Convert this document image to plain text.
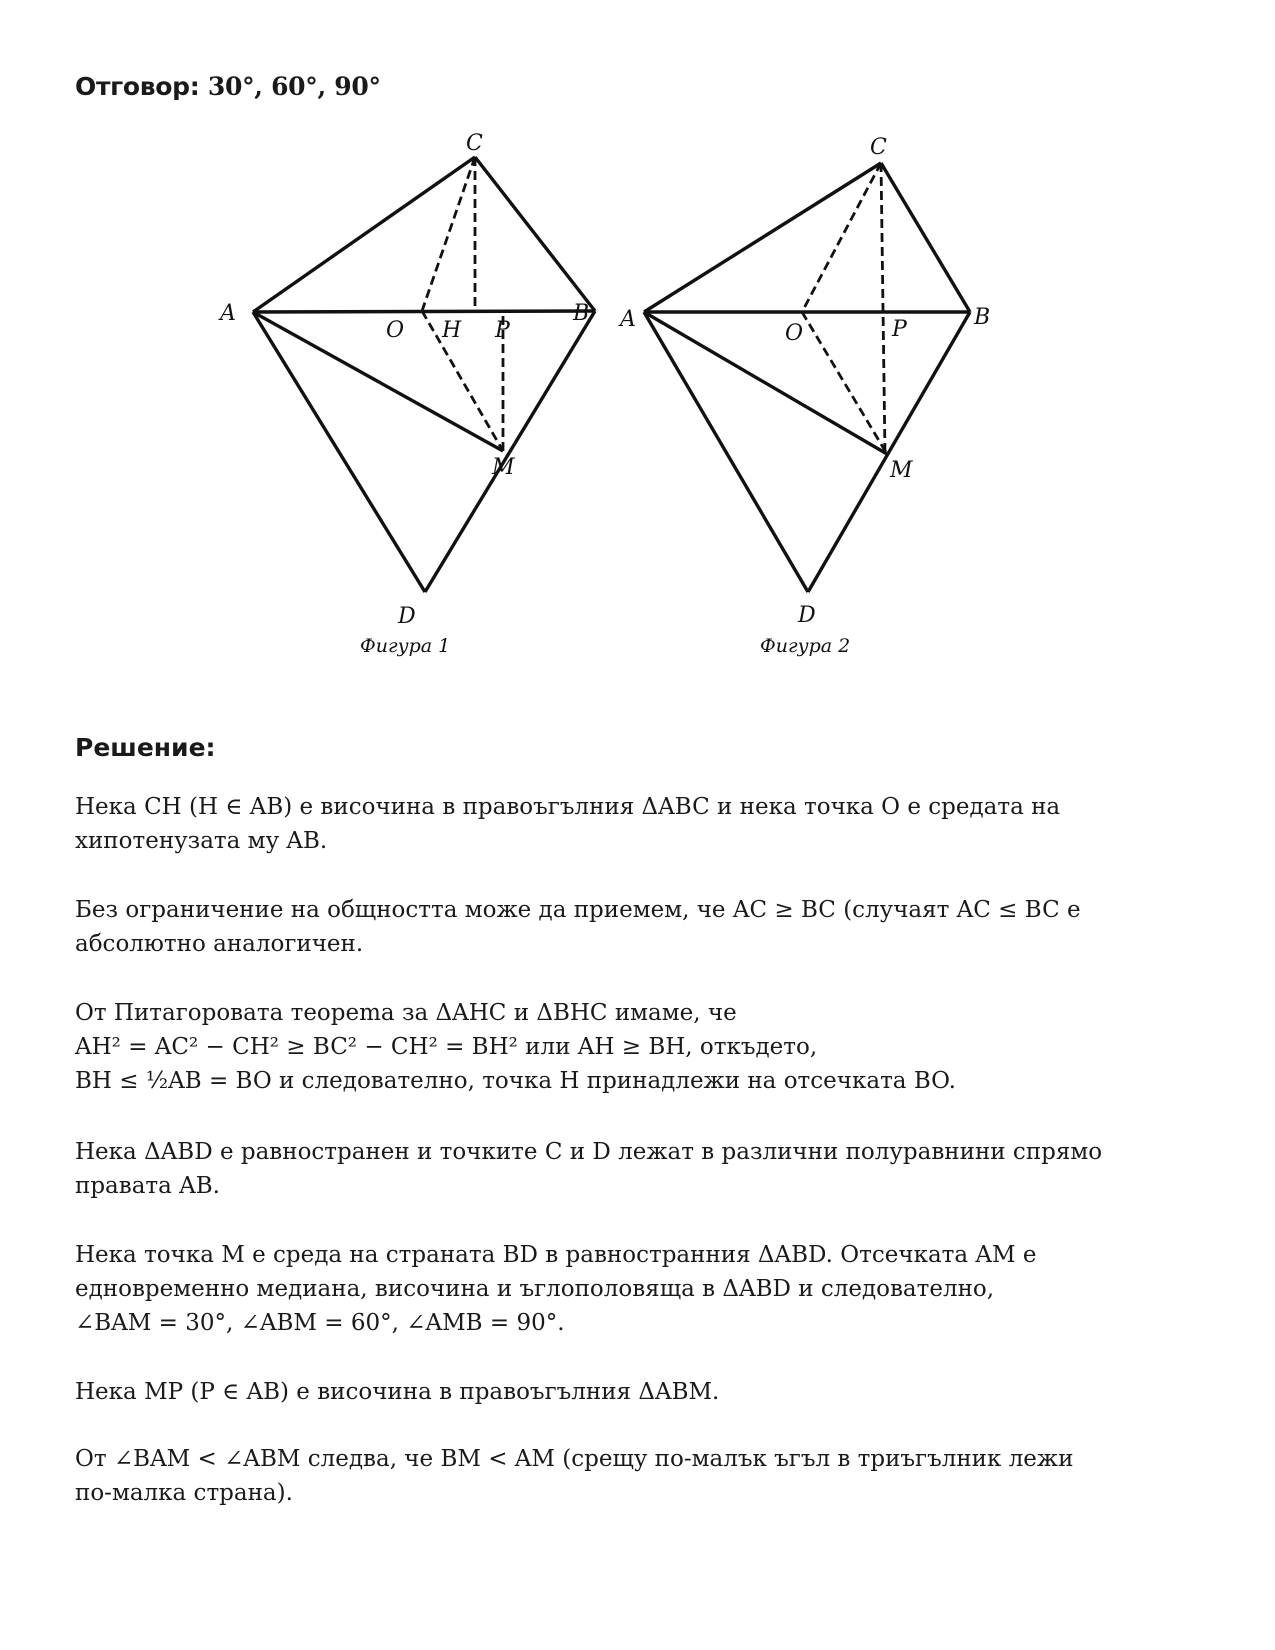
Отговор: 30°, 60°, 90°
C
A	B
O H P
M
D
Фигура 1
C
A	B
O	P
M
D
Фигура 2
Решение:
Нека CH (H ∈ AB) е височина в правоъгълния ΔABC и нека точка O е средата на
хипотенузата му AB.
Без ограничение на общността може да приемем, че AC ≥ BC (случаят AC ≤ BC е
абсолютно аналогичен.
От Питагоровата теорema за ΔAHC и ΔBHC имаме, че
AH² = AC² − CH² ≥ BC² − CH² = BH² или AH ≥ BH, откъдето,
BH ≤ ½AB = BO и следователно, точка H принадлежи на отсечката BO.
Нека ΔABD е равностранен и точките C и D лежат в различни полуравнини спрямо
правата AB.
Нека точка M е среда на страната BD в равностранния ΔABD. Отсечката AM е
едновременно медиана, височина и ъглополовяща в ΔABD и следователно,
∠BAM = 30°, ∠ABM = 60°, ∠AMB = 90°.
Нека MP (P ∈ AB) е височина в правоъгълния ΔABM.
От ∠BAM < ∠ABM следва, че BM < AM (срещу по-малък ъгъл в триъгълник лежи
по-малка страна).
